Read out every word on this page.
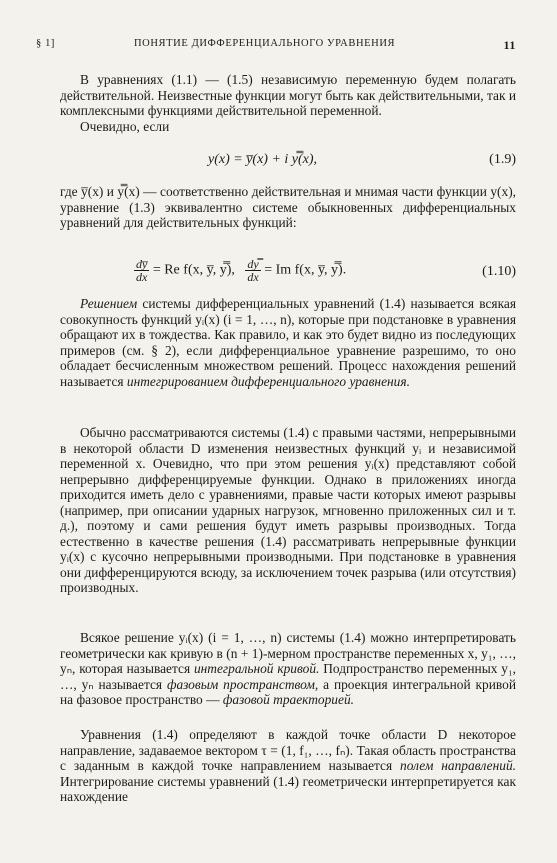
§ 1]	ПОНЯТИЕ ДИФФЕРЕНЦИАЛЬНОГО УРАВНЕНИЯ	11

В уравнениях (1.1) — (1.5) независимую переменную будем полагать действительной. Неизвестные функции могут быть как действительными, так и комплексными функциями действительной переменной.

Очевидно, если

y(x) = y̅(x) + i y̿(x),	(1.9)

где y̅(x) и y̿(x) — соответственно действительная и мнимая части функции y(x), уравнение (1.3) эквивалентно системе обыкновенных дифференциальных уравнений для действительных функций:

$\frac{dy̅}{dx} = Re$ f(x, y̅, y̿), $\frac{dy̿}{dx} = Im$ f(x, y̅, y̿).	(1.10)

Решением системы дифференциальных уравнений (1.4) называется всякая совокупность функций yᵢ(x) (i = 1, …, n), которые при подстановке в уравнения обращают их в тождества. Как правило, и как это будет видно из последующих примеров (см. § 2), если дифференциальное уравнение разрешимо, то оно обладает бесчисленным множеством решений. Процесс нахождения решений называется интегрированием дифференциального уравнения.

Обычно рассматриваются системы (1.4) с правыми частями, непрерывными в некоторой области D изменения неизвестных функций yᵢ и независимой переменной x. Очевидно, что при этом решения yᵢ(x) представляют собой непрерывно дифференцируемые функции. Однако в приложениях иногда приходится иметь дело с уравнениями, правые части которых имеют разрывы (например, при описании ударных нагрузок, мгновенно приложенных сил и т. д.), поэтому и сами решения будут иметь разрывы производных. Тогда естественно в качестве решения (1.4) рассматривать непрерывные функции yᵢ(x) с кусочно непрерывными производными. При подстановке в уравнения они дифференцируются всюду, за исключением точек разрыва (или отсутствия) производных.

Всякое решение yᵢ(x) (i = 1, …, n) системы (1.4) можно интерпретировать геометрически как кривую в (n + 1)-мерном пространстве переменных x, y₁, …, yₙ, которая называется интегральной кривой. Подпространство переменных y₁, …, yₙ называется фазовым пространством, а проекция интегральной кривой на фазовое пространство — фазовой траекторией.

Уравнения (1.4) определяют в каждой точке области D некоторое направление, задаваемое вектором τ = (1, f₁, …, fₙ). Такая область пространства с заданным в каждой точке направлением называется полем направлений. Интегрирование системы уравнений (1.4) геометрически интерпретируется как нахождение
